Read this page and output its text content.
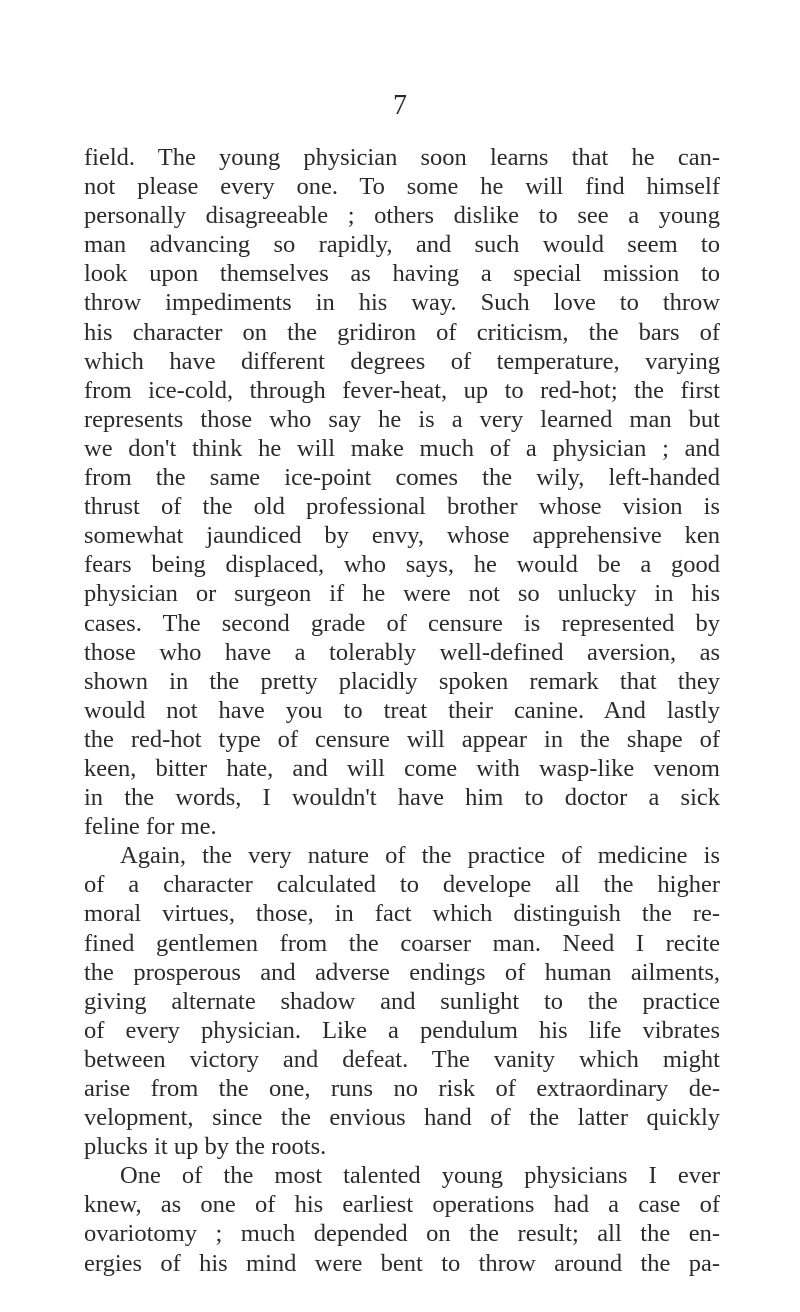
7
field. The young physician soon learns that he can-
not please every one. To some he will find himself
personally disagreeable ; others dislike to see a young
man advancing so rapidly, and such would seem to
look upon themselves as having a special mission to
throw impediments in his way. Such love to throw
his character on the gridiron of criticism, the bars of
which have different degrees of temperature, varying
from ice-cold, through fever-heat, up to red-hot; the first
represents those who say he is a very learned man but
we don't think he will make much of a physician ; and
from the same ice-point comes the wily, left-handed
thrust of the old professional brother whose vision is
somewhat jaundiced by envy, whose apprehensive ken
fears being displaced, who says, he would be a good
physician or surgeon if he were not so unlucky in his
cases. The second grade of censure is represented by
those who have a tolerably well-defined aversion, as
shown in the pretty placidly spoken remark that they
would not have you to treat their canine. And lastly
the red-hot type of censure will appear in the shape of
keen, bitter hate, and will come with wasp-like venom
in the words, I wouldn't have him to doctor a sick
feline for me.
Again, the very nature of the practice of medicine is
of a character calculated to develope all the higher
moral virtues, those, in fact which distinguish the re-
fined gentlemen from the coarser man. Need I recite
the prosperous and adverse endings of human ailments,
giving alternate shadow and sunlight to the practice
of every physician. Like a pendulum his life vibrates
between victory and defeat. The vanity which might
arise from the one, runs no risk of extraordinary de-
velopment, since the envious hand of the latter quickly
plucks it up by the roots.
One of the most talented young physicians I ever
knew, as one of his earliest operations had a case of
ovariotomy ; much depended on the result; all the en-
ergies of his mind were bent to throw around the pa-
